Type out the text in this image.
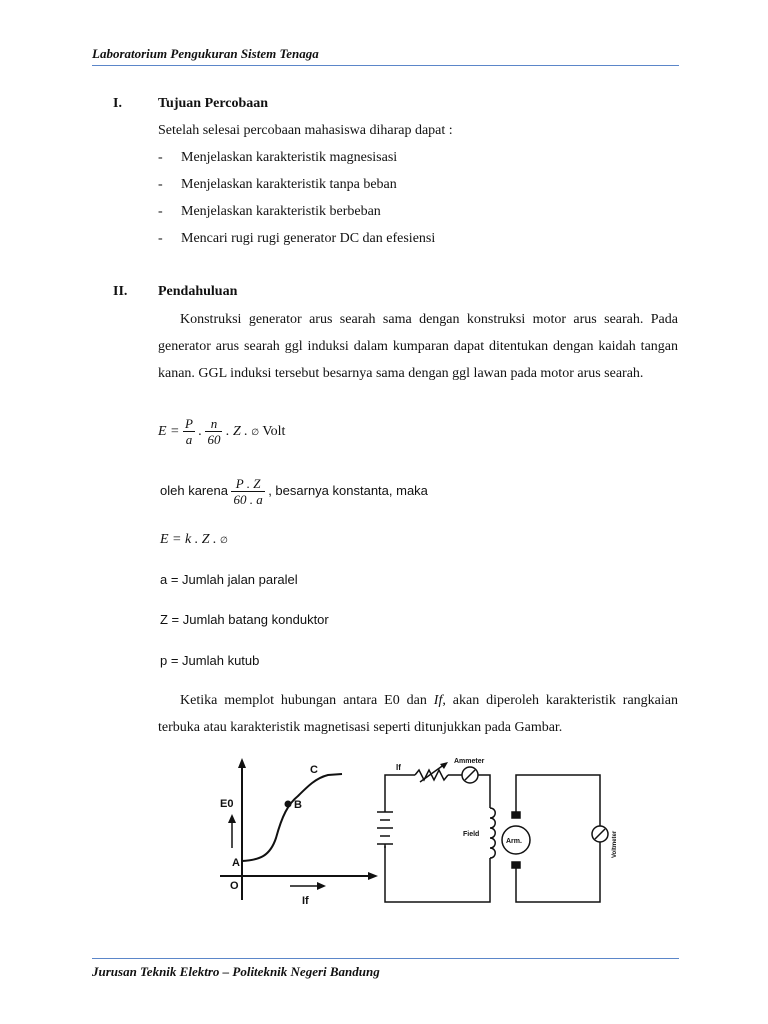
Laboratorium Pengukuran Sistem Tenaga
I.	Tujuan Percobaan
Setelah selesai percobaan mahasiswa diharap dapat :
- Menjelaskan karakteristik magnesisasi
- Menjelaskan karakteristik tanpa beban
- Menjelaskan karakteristik berbeban
- Mencari rugi rugi generator DC dan efesiensi
II. Pendahuluan
Konstruksi generator arus searah sama dengan konstruksi motor arus searah. Pada generator arus searah ggl induksi dalam kumparan dapat ditentukan dengan kaidah tangan kanan. GGL induksi tersebut besarnya sama dengan ggl lawan pada motor arus searah.
$E = \frac{P}{a}$ . $\frac{n}{60}$ . Z . ∅ Volt
oleh karena $\frac{P . Z}{60 . a}$ , besarnya konstanta, maka
E = k . Z . ∅
a = Jumlah jalan paralel
Z = Jumlah batang konduktor
p = Jumlah kutub
Ketika memplot hubungan antara E0 dan If, akan diperoleh karakteristik rangkaian terbuka atau karakteristik magnetisasi seperti ditunjukkan pada Gambar.
E0
If
O
A
B
C	If
Ammeter
Field
Arm.	Voltmeter
Jurusan Teknik Elektro – Politeknik Negeri Bandung
